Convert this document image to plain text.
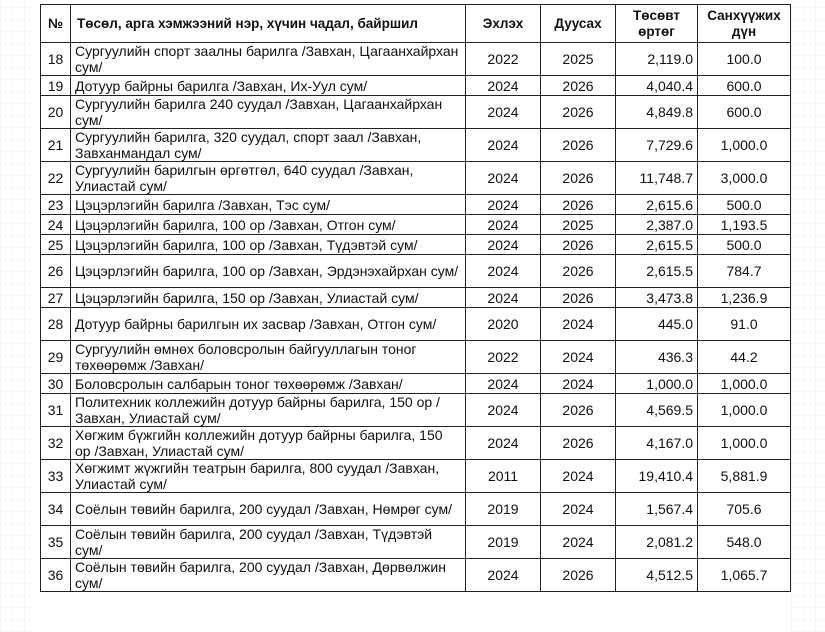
№	Төсөл, арга хэмжээний нэр, хүчин чадал, байршил	Эхлэх	Дуусах	Төсөвт өртөг	Санхүүжих дүн
18	Сургуулийн спорт заалны барилга /Завхан, Цагаанхайрхан сум/	2022	2025	2,119.0	100.0
19	Дотуур байрны барилга /Завхан, Их-Уул сум/	2024	2026	4,040.4	600.0
20	Сургуулийн барилга 240 суудал /Завхан, Цагаанхайрхан сум/	2024	2026	4,849.8	600.0
21	Сургуулийн барилга, 320 суудал, спорт заал /Завхан, Завханмандал сум/	2024	2026	7,729.6	1,000.0
22	Сургуулийн барилгын өргөтгөл, 640 суудал /Завхан, Улиастай сум/	2024	2026	11,748.7	3,000.0
23	Цэцэрлэгийн барилга /Завхан, Тэс сум/	2024	2026	2,615.6	500.0
24	Цэцэрлэгийн барилга, 100 ор /Завхан, Отгон сум/	2024	2025	2,387.0	1,193.5
25	Цэцэрлэгийн барилга, 100 ор /Завхан, Түдэвтэй сум/	2024	2026	2,615.5	500.0
26	Цэцэрлэгийн барилга, 100 ор /Завхан, Эрдэнэхайрхан сум/	2024	2026	2,615.5	784.7
27	Цэцэрлэгийн барилга, 150 ор /Завхан, Улиастай сум/	2024	2026	3,473.8	1,236.9
28	Дотуур байрны барилгын их засвар /Завхан, Отгон сум/	2020	2024	445.0	91.0
29	Сургуулийн өмнөх боловсролын байгууллагын тоног төхөөрөмж /Завхан/	2022	2024	436.3	44.2
30	Боловсролын салбарын тоног төхөөрөмж /Завхан/	2024	2024	1,000.0	1,000.0
31	Политехник коллежийн дотуур байрны барилга, 150 ор /Завхан, Улиастай сум/	2024	2026	4,569.5	1,000.0
32	Хөгжим бүжгийн коллежийн дотуур байрны барилга, 150 ор /Завхан, Улиастай сум/	2024	2026	4,167.0	1,000.0
33	Хөгжимт жүжгийн театрын барилга, 800 суудал /Завхан, Улиастай сум/	2011	2024	19,410.4	5,881.9
34	Соёлын төвийн барилга, 200 суудал /Завхан, Нөмрөг сум/	2019	2024	1,567.4	705.6
35	Соёлын төвийн барилга, 200 суудал /Завхан, Түдэвтэй сум/	2019	2024	2,081.2	548.0
36	Соёлын төвийн барилга, 200 суудал /Завхан, Дөрвөлжин сум/	2024	2026	4,512.5	1,065.7
